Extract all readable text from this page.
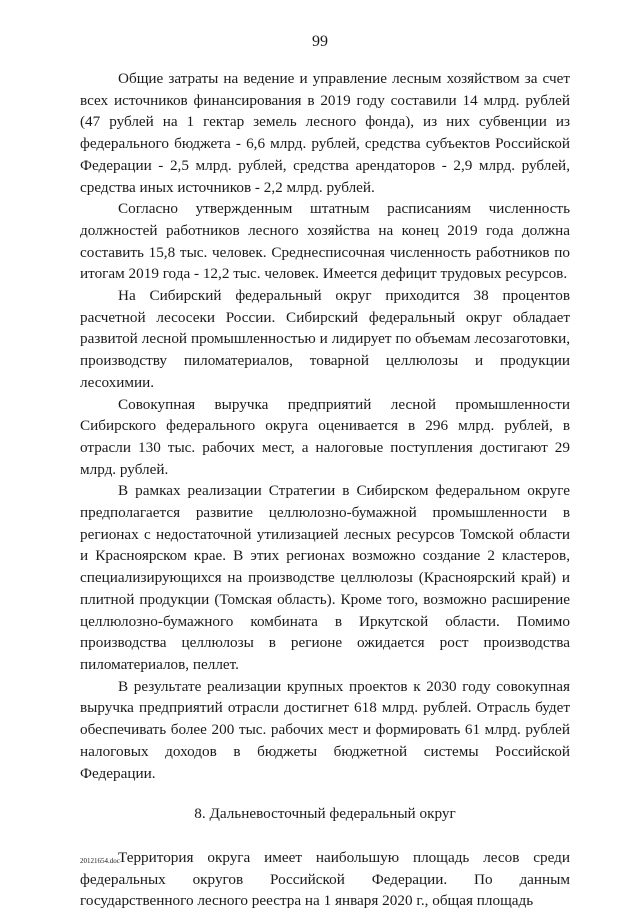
99

Общие затраты на ведение и управление лесным хозяйством за счет всех источников финансирования в 2019 году составили 14 млрд. рублей (47 рублей на 1 гектар земель лесного фонда), из них субвенции из федерального бюджета - 6,6 млрд. рублей, средства субъектов Российской Федерации - 2,5 млрд. рублей, средства арендаторов - 2,9 млрд. рублей, средства иных источников - 2,2 млрд. рублей.

Согласно утвержденным штатным расписаниям численность должностей работников лесного хозяйства на конец 2019 года должна составить 15,8 тыс. человек. Среднесписочная численность работников по итогам 2019 года - 12,2 тыс. человек. Имеется дефицит трудовых ресурсов.

На Сибирский федеральный округ приходится 38 процентов расчетной лесосеки России. Сибирский федеральный округ обладает развитой лесной промышленностью и лидирует по объемам лесозаготовки, производству пиломатериалов, товарной целлюлозы и продукции лесохимии.

Совокупная выручка предприятий лесной промышленности Сибирского федерального округа оценивается в 296 млрд. рублей, в отрасли 130 тыс. рабочих мест, а налоговые поступления достигают 29 млрд. рублей.

В рамках реализации Стратегии в Сибирском федеральном округе предполагается развитие целлюлозно-бумажной промышленности в регионах с недостаточной утилизацией лесных ресурсов Томской области и Красноярском крае. В этих регионах возможно создание 2 кластеров, специализирующихся на производстве целлюлозы (Красноярский край) и плитной продукции (Томская область). Кроме того, возможно расширение целлюлозно-бумажного комбината в Иркутской области. Помимо производства целлюлозы в регионе ожидается рост производства пиломатериалов, пеллет.

В результате реализации крупных проектов к 2030 году совокупная выручка предприятий отрасли достигнет 618 млрд. рублей. Отрасль будет обеспечивать более 200 тыс. рабочих мест и формировать 61 млрд. рублей налоговых доходов в бюджеты бюджетной системы Российской Федерации.

8. Дальневосточный федеральный округ

Территория округа имеет наибольшую площадь лесов среди федеральных округов Российской Федерации. По данным государственного лесного реестра на 1 января 2020 г., общая площадь

20121654.doc
